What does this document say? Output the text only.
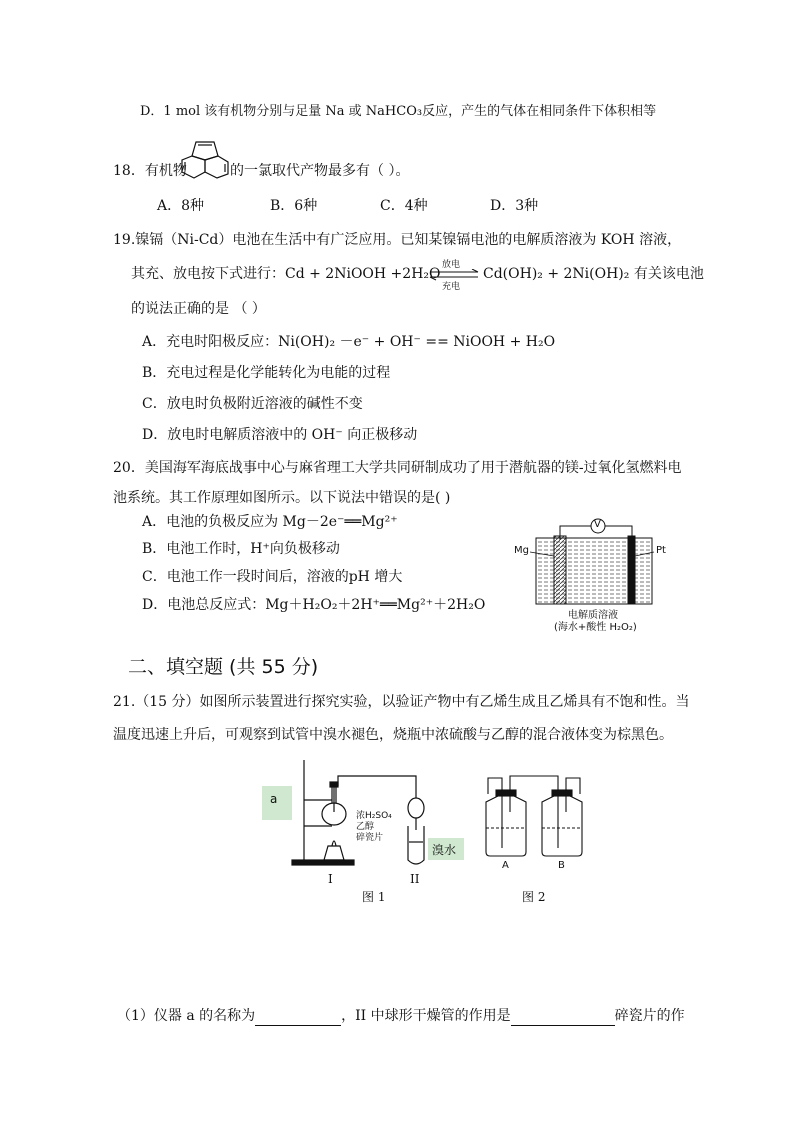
D．1 mol 该有机物分别与足量 Na 或 NaHCO₃反应，产生的气体在相同条件下体积相等
18．有机物	的一氯取代产物最多有（ ）。
A．8种	B．6种	C．4种	D．3种
19.镍镉（Ni-Cd）电池在生活中有广泛应用。已知某镍镉电池的电解质溶液为 KOH 溶液，
其充、放电按下式进行：Cd + 2NiOOH +2H₂O
放电
充电
Cd(OH)₂ + 2Ni(OH)₂ 有关该电池
的说法正确的是 （ ）
A．充电时阳极反应：Ni(OH)₂ －e⁻ + OH⁻ == NiOOH + H₂O
B．充电过程是化学能转化为电能的过程
C．放电时负极附近溶液的碱性不变
D．放电时电解质溶液中的 OH⁻ 向正极移动
20．美国海军海底战事中心与麻省理工大学共同研制成功了用于潜航器的镁-过氧化氢燃料电
池系统。其工作原理如图所示。以下说法中错误的是( )
A．电池的负极反应为 Mg－2e⁻══Mg²⁺
B．电池工作时，H⁺向负极移动
C．电池工作一段时间后，溶液的pH 增大
D．电池总反应式：Mg＋H₂O₂＋2H⁺══Mg²⁺＋2H₂O
V
Mg	Pt
电解质溶液
(海水+酸性 H₂O₂)
二、填空题 (共 55 分)
21.（15 分）如图所示装置进行探究实验，以验证产物中有乙烯生成且乙烯具有不饱和性。当
温度迅速上升后，可观察到试管中溴水褪色，烧瓶中浓硫酸与乙醇的混合液体变为棕黑色。
a
浓H₂SO₄
乙醇
碎瓷片
溴水
I	II
图 1
A	B
图 2
（1）仪器 a 的名称为	，II 中球形干燥管的作用是	碎瓷片的作
